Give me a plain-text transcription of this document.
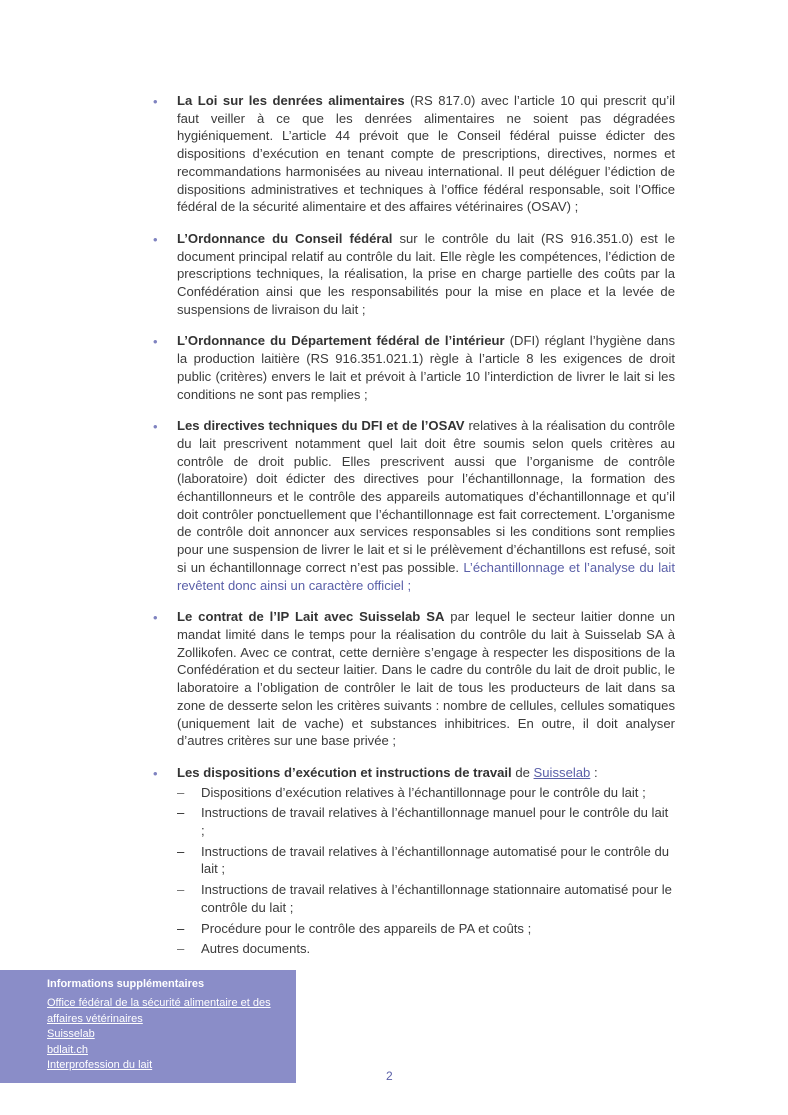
• La Loi sur les denrées alimentaires (RS 817.0) avec l’article 10 qui prescrit qu’il faut veiller à ce que les denrées alimentaires ne soient pas dégradées hygiéniquement. L’article 44 prévoit que le Conseil fédéral puisse édicter des dispositions d’exécution en tenant compte de prescriptions, directives, normes et recommandations harmonisées au niveau international. Il peut déléguer l’édiction de dispositions administratives et techniques à l’office fédéral responsable, soit l’Office fédéral de la sécurité alimentaire et des affaires vétérinaires (OSAV) ;

• L’Ordonnance du Conseil fédéral sur le contrôle du lait (RS 916.351.0) est le document principal relatif au contrôle du lait. Elle règle les compétences, l’édiction de prescriptions techniques, la réalisation, la prise en charge partielle des coûts par la Confédération ainsi que les responsabilités pour la mise en place et la levée de suspensions de livraison du lait ;

• L’Ordonnance du Département fédéral de l’intérieur (DFI) réglant l’hygiène dans la production laitière (RS 916.351.021.1) règle à l’article 8 les exigences de droit public (critères) envers le lait et prévoit à l’article 10 l’interdiction de livrer le lait si les conditions ne sont pas remplies ;

• Les directives techniques du DFI et de l’OSAV relatives à la réalisation du contrôle du lait prescrivent notamment quel lait doit être soumis selon quels critères au contrôle de droit public. Elles prescrivent aussi que l’organisme de contrôle (laboratoire) doit édicter des directives pour l’échantillonnage, la formation des échantillonneurs et le contrôle des appareils automatiques d’échantillonnage et qu’il doit contrôler ponctuellement que l’échantillonnage est fait correctement. L’organisme de contrôle doit annoncer aux services responsables si les conditions sont remplies pour une suspension de livrer le lait et si le prélèvement d’échantillons est refusé, soit si un échantillonnage correct n’est pas possible. L’échantillonnage et l’analyse du lait revêtent donc ainsi un caractère officiel ;

• Le contrat de l’IP Lait avec Suisselab SA par lequel le secteur laitier donne un mandat limité dans le temps pour la réalisation du contrôle du lait à Suisselab SA à Zollikofen. Avec ce contrat, cette dernière s’engage à respecter les dispositions de la Confédération et du secteur laitier. Dans le cadre du contrôle du lait de droit public, le laboratoire a l’obligation de contrôler le lait de tous les producteurs de lait dans sa zone de desserte selon les critères suivants : nombre de cellules, cellules somatiques (uniquement lait de vache) et substances inhibitrices. En outre, il doit analyser d’autres critères sur une base privée ;

• Les dispositions d’exécution et instructions de travail de Suisselab :

– Dispositions d’exécution relatives à l’échantillonnage pour le contrôle du lait ;
– Instructions de travail relatives à l’échantillonnage manuel pour le contrôle du lait ;
– Instructions de travail relatives à l’échantillonnage automatisé pour le contrôle du lait ;
– Instructions de travail relatives à l’échantillonnage stationnaire automatisé pour le contrôle du lait ;
– Procédure pour le contrôle des appareils de PA et coûts ;
– Autres documents.
Informations supplémentaires
Office fédéral de la sécurité alimentaire et des affaires vétérinaires
Suisselab
bdlait.ch
Interprofession du lait
2
